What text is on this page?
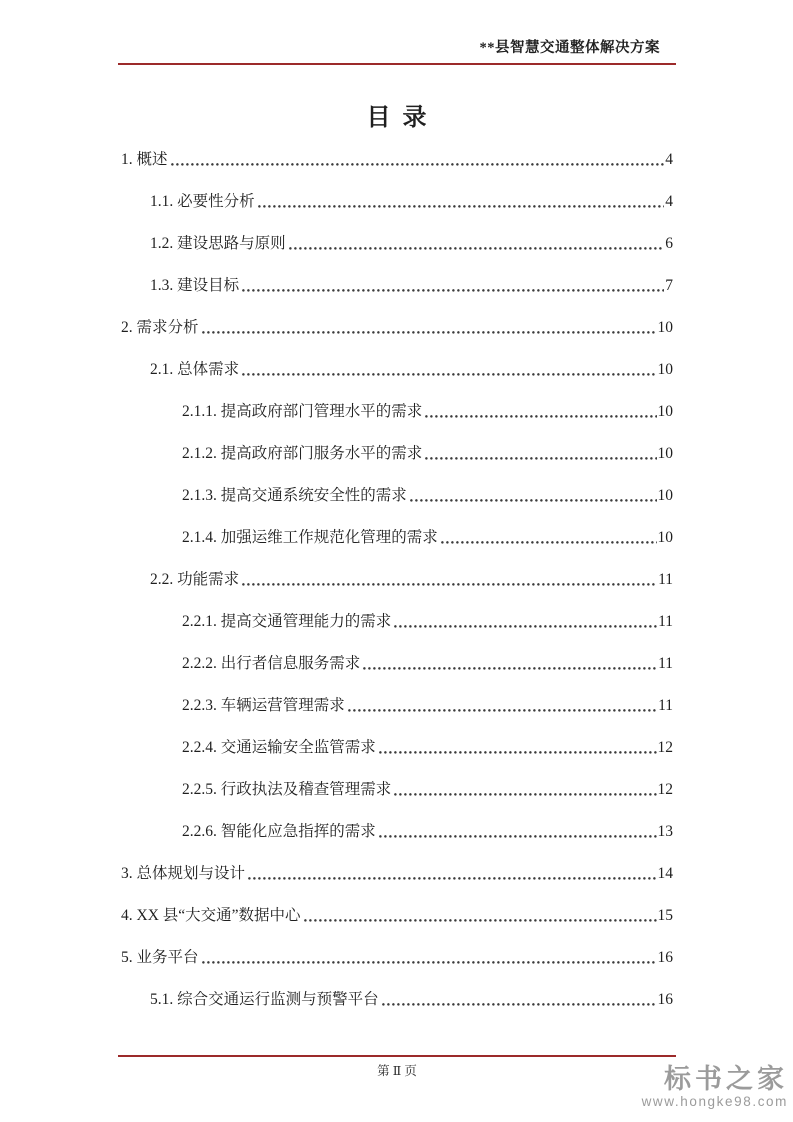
**县智慧交通整体解决方案
目  录
1. 概述	4
1.1. 必要性分析	4
1.2. 建设思路与原则	6
1.3. 建设目标	7
2. 需求分析	10
2.1. 总体需求	10
2.1.1. 提高政府部门管理水平的需求	10
2.1.2. 提高政府部门服务水平的需求	10
2.1.3. 提高交通系统安全性的需求	10
2.1.4. 加强运维工作规范化管理的需求	10
2.2. 功能需求	11
2.2.1. 提高交通管理能力的需求	11
2.2.2. 出行者信息服务需求	11
2.2.3. 车辆运营管理需求	11
2.2.4. 交通运输安全监管需求	12
2.2.5. 行政执法及稽查管理需求	12
2.2.6. 智能化应急指挥的需求	13
3. 总体规划与设计	14
4. XX 县“大交通”数据中心	15
5. 业务平台	16
5.1. 综合交通运行监测与预警平台	16
第 Ⅱ 页	标书之家
www.hongke98.com
